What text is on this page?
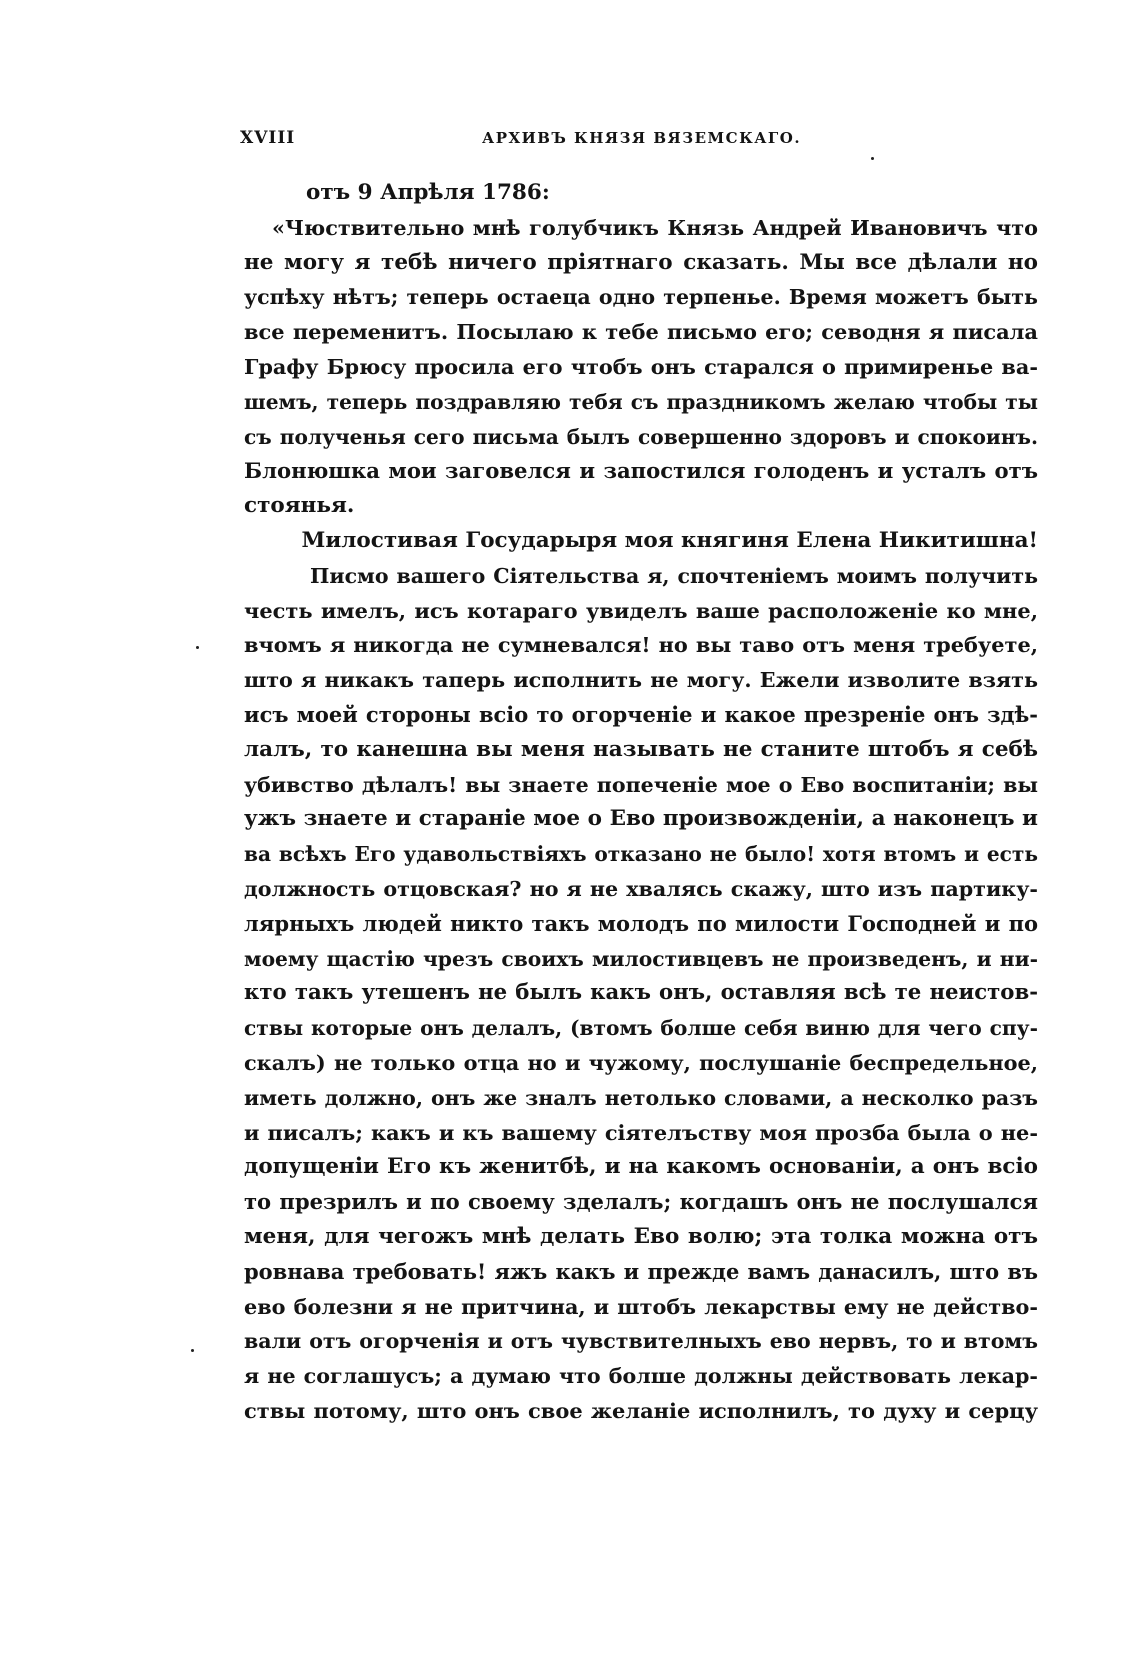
XVIII	АРХИВЪ КНЯЗЯ ВЯЗЕМСКАГО.
отъ 9 Апрѣля 1786:
«Чюствительно мнѣ голубчикъ Князь Андрей Ивановичъ что
не могу я тебѣ ничего пріятнаго сказать. Мы все дѣлали но
успѣху нѣтъ; теперь остаеца одно терпенье. Время можетъ быть
все переменитъ. Посылаю к тебе письмо его; севодня я писала
Графу Брюсу просила его чтобъ онъ старался о примиренье ва-
шемъ, теперь поздравляю тебя съ праздникомъ желаю чтобы ты
съ полученья сего письма былъ совершенно здоровъ и спокоинъ.
Блонюшка мои заговелся и запостился голоденъ и усталъ отъ
стоянья.
Милостивая Государыря моя княгиня Елена Никитишна!
Писмо вашего Сіятельства я, спочтеніемъ моимъ получить
честь имелъ, исъ котараго увиделъ ваше расположеніе ко мне,
вчомъ я никогда не сумневался! но вы таво отъ меня требуете,
што я никакъ таперь исполнить не могу. Ежели изволите взять
исъ моей стороны всіо то огорченіе и какое презреніе онъ здѣ-
лалъ, то канешна вы меня называть не станите штобъ я себѣ
убивство дѣлалъ! вы знаете попеченіе мое о Ево воспитаніи; вы
ужъ знаете и стараніе мое о Ево произвожденіи, а наконецъ и
ва всѣхъ Его удавольствіяхъ отказано не было! хотя втомъ и есть
должность отцовская? но я не хвалясь скажу, што изъ партику-
лярныхъ людей никто такъ молодъ по милости Господней и по
моему щастію чрезъ своихъ милостивцевъ не произведенъ, и ни-
кто такъ утешенъ не былъ какъ онъ, оставляя всѣ те неистов-
ствы которые онъ делалъ, (втомъ болше себя виню для чего спу-
скалъ) не только отца но и чужому, послушаніе беспредельное,
иметь должно, онъ же зналъ нетолько словами, а несколко разъ
и писалъ; какъ и къ вашему сіятелъству моя прозба была о не-
допущеніи Его къ женитбѣ, и на какомъ основаніи, а онъ всіо
то презрилъ и по своему зделалъ; когдашъ онъ не послушался
меня, для чегожъ мнѣ делать Ево волю; эта толка можна отъ
ровнава требовать! яжъ какъ и прежде вамъ данасилъ, што въ
ево болезни я не притчина, и штобъ лекарствы ему не действо-
вали отъ огорченія и отъ чувствителныхъ ево нервъ, то и втомъ
я не соглашусъ; а думаю что болше должны действовать лекар-
ствы потому, што онъ свое желаніе исполнилъ, то духу и серцу
